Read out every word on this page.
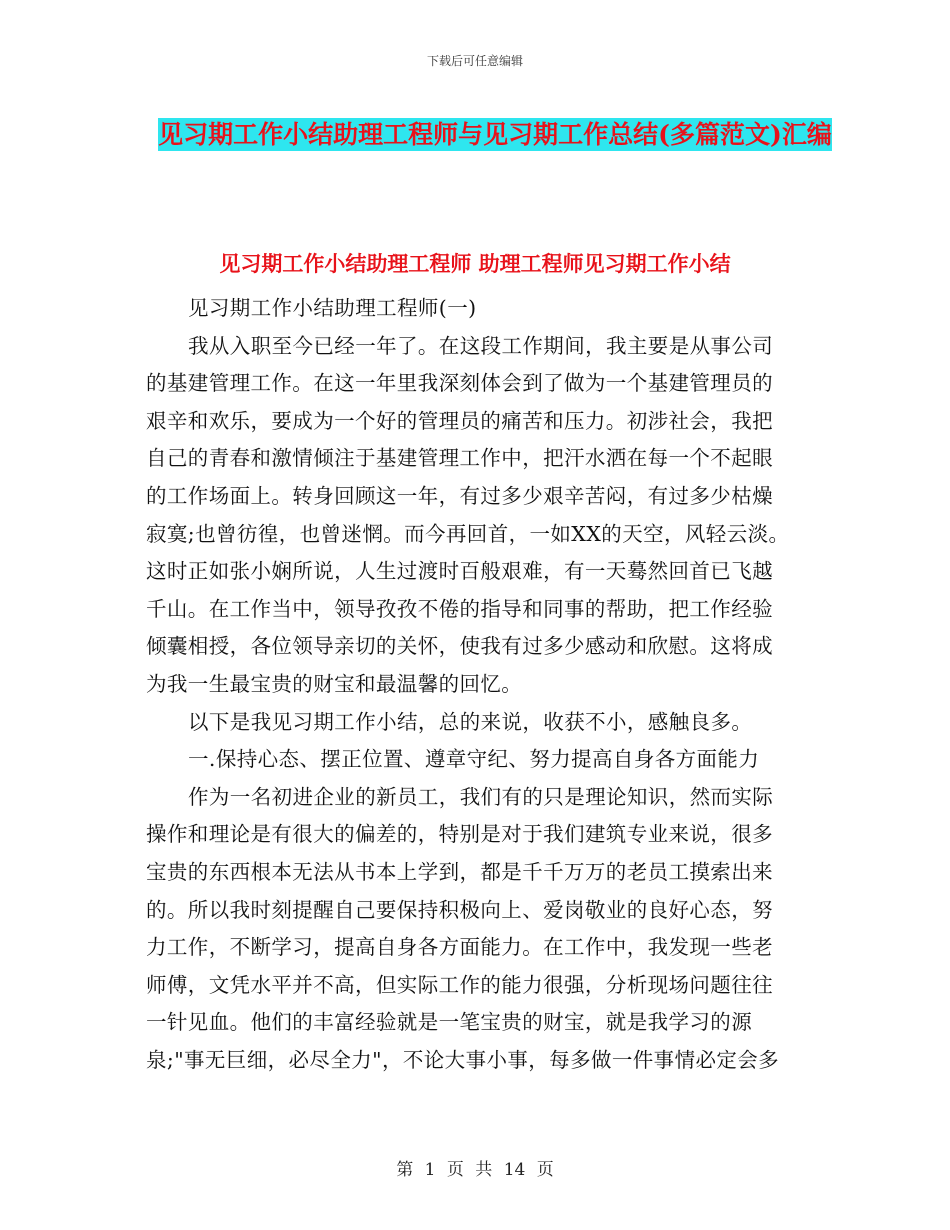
下载后可任意编辑
见习期工作小结助理工程师与见习期工作总结(多篇范文)汇编
见习期工作小结助理工程师 助理工程师见习期工作小结
见习期工作小结助理工程师(一)
我从入职至今已经一年了。在这段工作期间，我主要是从事公司
的基建管理工作。在这一年里我深刻体会到了做为一个基建管理员的
艰辛和欢乐，要成为一个好的管理员的痛苦和压力。初涉社会，我把
自己的青春和激情倾注于基建管理工作中，把汗水洒在每一个不起眼
的工作场面上。转身回顾这一年，有过多少艰辛苦闷，有过多少枯燥
寂寞;也曾彷徨，也曾迷惘。而今再回首，一如XX的天空，风轻云淡。
这时正如张小娴所说，人生过渡时百般艰难，有一天蓦然回首已飞越
千山。在工作当中，领导孜孜不倦的指导和同事的帮助，把工作经验
倾囊相授，各位领导亲切的关怀，使我有过多少感动和欣慰。这将成
为我一生最宝贵的财宝和最温馨的回忆。
以下是我见习期工作小结，总的来说，收获不小，感触良多。
一.保持心态、摆正位置、遵章守纪、努力提高自身各方面能力
作为一名初进企业的新员工，我们有的只是理论知识，然而实际
操作和理论是有很大的偏差的，特别是对于我们建筑专业来说，很多
宝贵的东西根本无法从书本上学到，都是千千万万的老员工摸索出来
的。所以我时刻提醒自己要保持积极向上、爱岗敬业的良好心态，努
力工作，不断学习，提高自身各方面能力。在工作中，我发现一些老
师傅，文凭水平并不高，但实际工作的能力很强，分析现场问题往往
一针见血。他们的丰富经验就是一笔宝贵的财宝，就是我学习的源
泉;"事无巨细，必尽全力"，不论大事小事，每多做一件事情必定会多
第 1 页 共 14 页
